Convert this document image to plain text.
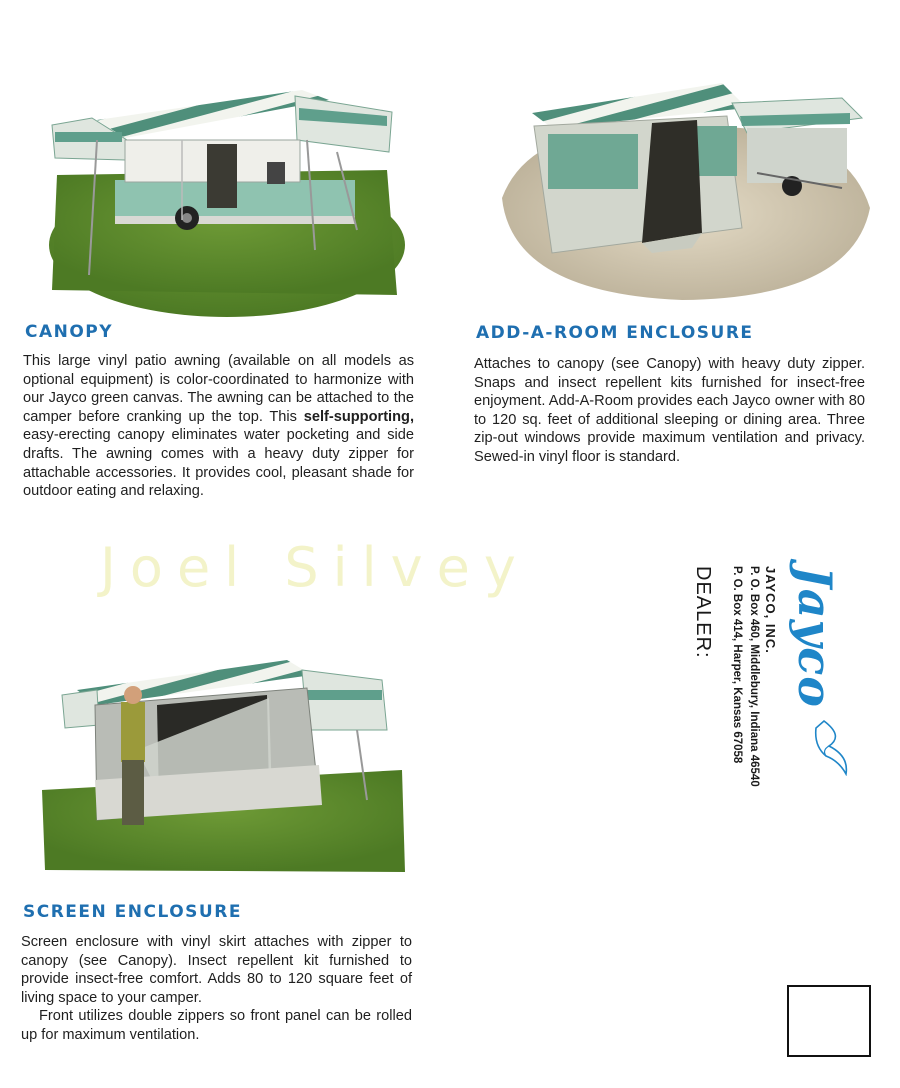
Joel Silvey
CANOPY
This large vinyl patio awning (available on all models as optional equipment) is color-coordinated to harmonize with our Jayco green canvas. The awning can be attached to the camper before cranking up the top. This self-supporting, easy-erecting canopy eliminates water pocketing and side drafts. The awning comes with a heavy duty zipper for attachable accessories. It provides cool, pleasant shade for outdoor eating and relaxing.
ADD-A-ROOM ENCLOSURE

Attaches to canopy (see Canopy) with heavy duty zipper. Snaps and insect repellent kits furnished for insect-free enjoyment. Add-A-Room provides each Jayco owner with 80 to 120 sq. feet of additional sleeping or dining area. Three zip-out windows provide maximum ventilation and privacy. Sewed-in vinyl floor is standard.

SCREEN ENCLOSURE

Screen enclosure with vinyl skirt attaches with zipper to canopy (see Canopy). Insect repellent kit furnished to provide insect-free comfort. Adds 80 to 120 square feet of living space to your camper.

Front utilizes double zippers so front panel can be rolled up for maximum ventilation.

Jayco
JAYCO, INC.
P. O. Box 460, Middlebury, Indiana 46540
P. O. Box 414, Harper, Kansas 67058
DEALER:
